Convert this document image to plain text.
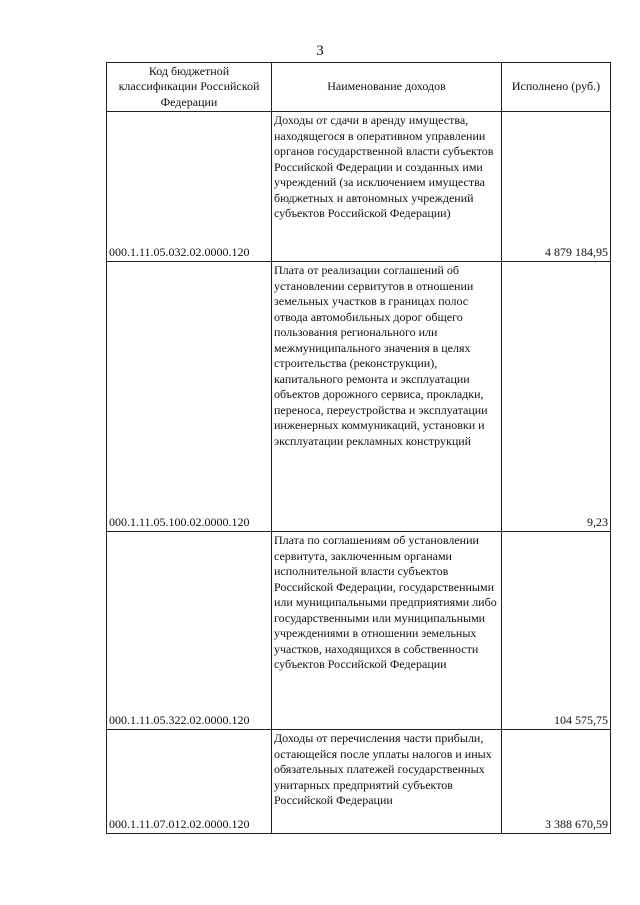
3
Код бюджетной классификации Российской Федерации	Наименование доходов	Исполнено (руб.)
000.1.11.05.032.02.0000.120	Доходы от сдачи в аренду имущества, находящегося в оперативном управлении органов государственной власти субъектов Российской Федерации и созданных ими учреждений (за исключением имущества бюджетных и автономных учреждений субъектов Российской Федерации)	4 879 184,95
000.1.11.05.100.02.0000.120	Плата от реализации соглашений об установлении сервитутов в отношении земельных участков в границах полос отвода автомобильных дорог общего пользования регионального или межмуниципального значения в целях строительства (реконструкции), капитального ремонта и эксплуатации объектов дорожного сервиса, прокладки, переноса, переустройства и эксплуатации инженерных коммуникаций, установки и эксплуатации рекламных конструкций	9,23
000.1.11.05.322.02.0000.120	Плата по соглашениям об установлении сервитута, заключенным органами исполнительной власти субъектов Российской Федерации, государственными или муниципальными предприятиями либо государственными или муниципальными учреждениями в отношении земельных участков, находящихся в собственности субъектов Российской Федерации	104 575,75
000.1.11.07.012.02.0000.120	Доходы от перечисления части прибыли, остающейся после уплаты налогов и иных обязательных платежей государственных унитарных предприятий субъектов Российской Федерации	3 388 670,59
